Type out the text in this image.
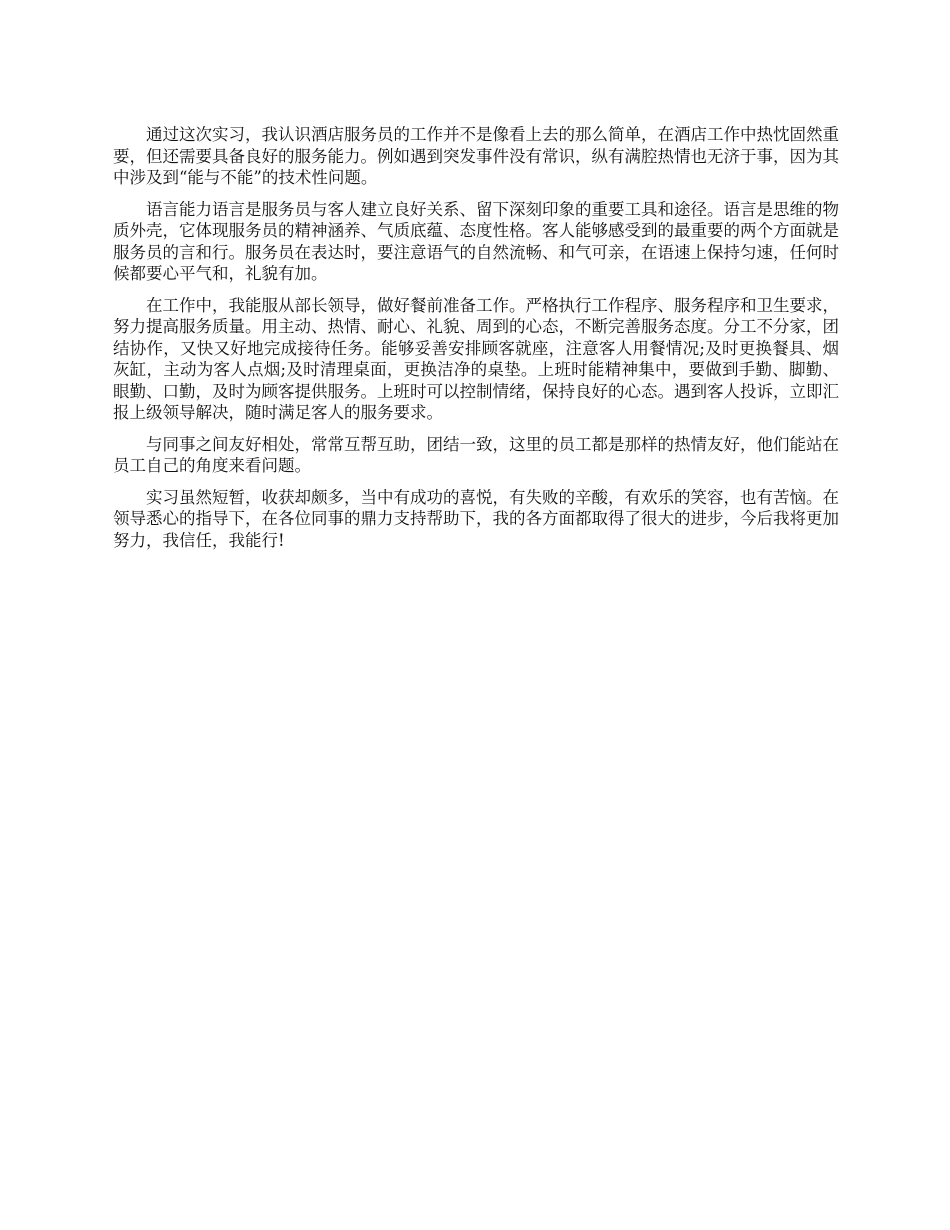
通过这次实习，我认识酒店服务员的工作并不是像看上去的那么简单，在酒店工作中热忱固然重要，但还需要具备良好的服务能力。例如遇到突发事件没有常识，纵有满腔热情也无济于事，因为其中涉及到“能与不能”的技术性问题。

语言能力语言是服务员与客人建立良好关系、留下深刻印象的重要工具和途径。语言是思维的物质外壳，它体现服务员的精神涵养、气质底蕴、态度性格。客人能够感受到的最重要的两个方面就是服务员的言和行。服务员在表达时，要注意语气的自然流畅、和气可亲，在语速上保持匀速，任何时候都要心平气和，礼貌有加。

在工作中，我能服从部长领导，做好餐前准备工作。严格执行工作程序、服务程序和卫生要求，努力提高服务质量。用主动、热情、耐心、礼貌、周到的心态，不断完善服务态度。分工不分家，团结协作，又快又好地完成接待任务。能够妥善安排顾客就座，注意客人用餐情况;及时更换餐具、烟灰缸，主动为客人点烟;及时清理桌面，更换洁净的桌垫。上班时能精神集中，要做到手勤、脚勤、眼勤、口勤，及时为顾客提供服务。上班时可以控制情绪，保持良好的心态。遇到客人投诉，立即汇报上级领导解决，随时满足客人的服务要求。

与同事之间友好相处，常常互帮互助，团结一致，这里的员工都是那样的热情友好，他们能站在员工自己的角度来看问题。

实习虽然短暂，收获却颇多，当中有成功的喜悦，有失败的辛酸，有欢乐的笑容，也有苦恼。在领导悉心的指导下，在各位同事的鼎力支持帮助下，我的各方面都取得了很大的进步，今后我将更加努力，我信任，我能行!
